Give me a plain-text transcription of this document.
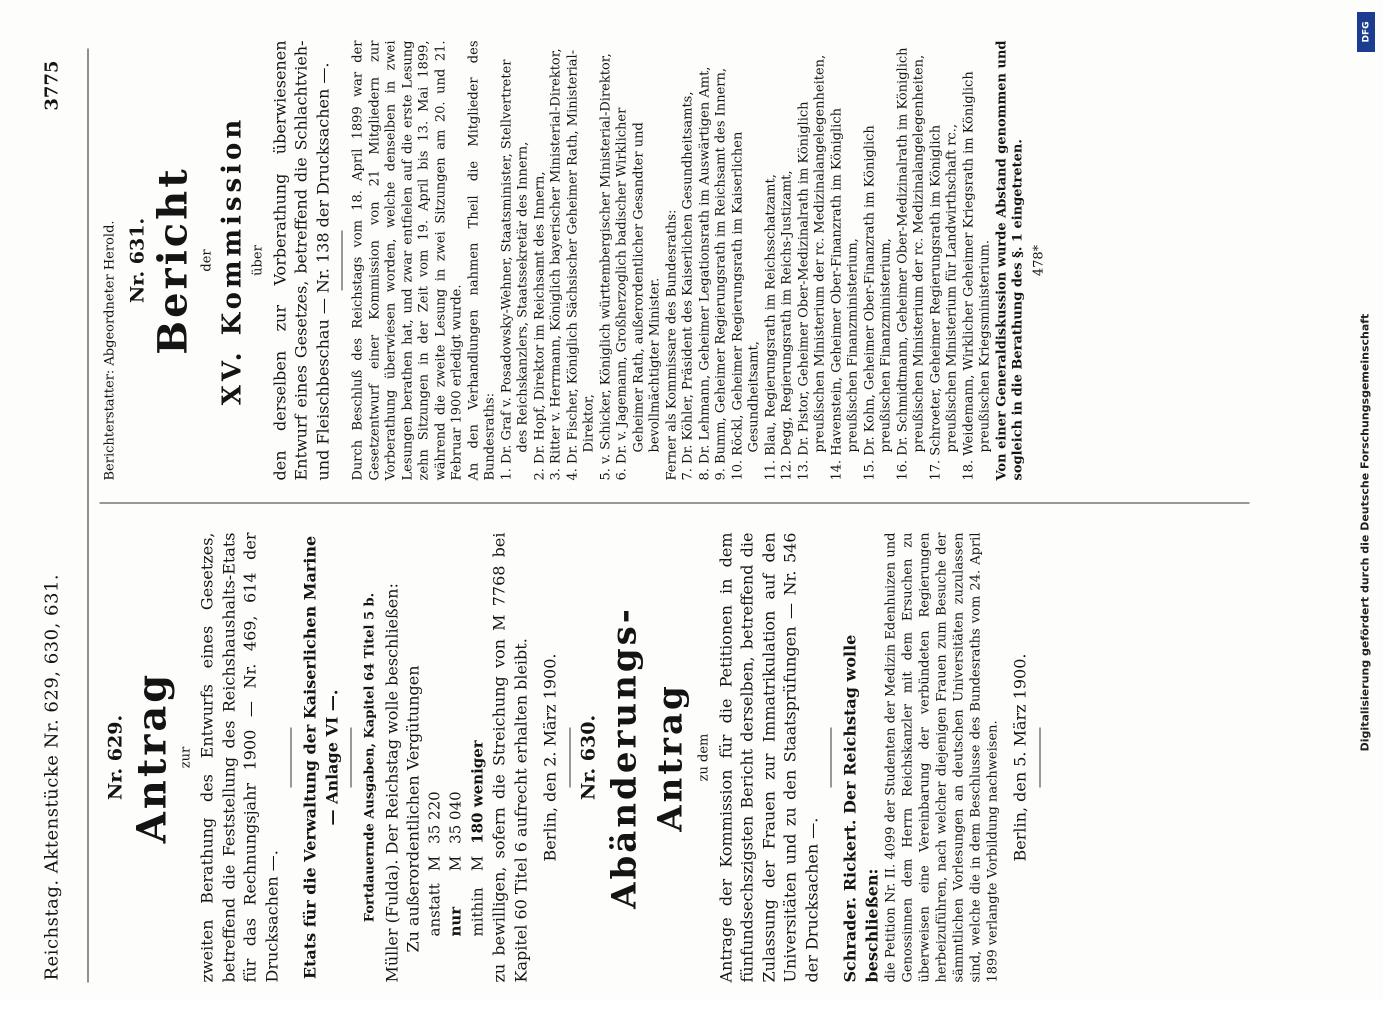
Reichstag. Aktenstücke Nr. 629, 630, 631.
3775
Nr. 629. Antrag zur zweiten Berathung des Entwurfs eines Gesetzes, betreffend die Feststellung des Reichshaushalts-Etats für das Rechnungsjahr 1900 — Nr. 469, 614 der Drucksachen —. Etats für die Verwaltung der Kaiserlichen Marine — Anlage VI —. Fortdauernde Ausgaben, Kapitel 64 Titel 5 b. Müller (Fulda). Der Reichstag wolle beschließen: Zu außerordentlichen Vergütungen anstatt	M	35 220
nur	M	35 040
mithin	M	180 weniger zu bewilligen, sofern die Streichung von M 7768 bei Kapitel 60 Titel 6 aufrecht erhalten bleibt. Berlin, den 2. März 1900. Nr. 630. Abänderungs-Antrag zu dem Antrage der Kommission für die Petitionen in dem fünfundsechszigsten Bericht derselben, betreffend die Zulassung der Frauen zur Immatrikulation auf den Universitäten und zu den Staatsprüfungen — Nr. 546 der Drucksachen —. Schrader. Rickert. Der Reichstag wolle beschließen: die Petition Nr. II. 4099 der Studenten der Medizin Edenhuizen und Genossinnen dem Herrn Reichskanzler mit dem Ersuchen zu überweisen eine Vereinbarung der verbündeten Regierungen herbeizuführen, nach welcher diejenigen Frauen zum Besuche der sämmtlichen Vorlesungen an deutschen Universitäten zuzulassen sind, welche die in dem Beschlusse des Bundesraths vom 24. April 1899 verlangte Vorbildung nachweisen. Berlin, den 5. März 1900.

Berichterstatter: Abgeordneter Herold. Nr. 631. Bericht der XV. Kommission über den derselben zur Vorberathung überwiesenen Entwurf eines Gesetzes, betreffend die Schlachtvieh- und Fleischbeschau — Nr. 138 der Drucksachen —. Durch Beschluß des Reichstags vom 18. April 1899 war der Gesetzentwurf einer Kommission von 21 Mitgliedern zur Vorberathung überwiesen worden, welche denselben in zwei Lesungen berathen hat, und zwar entfielen auf die erste Lesung zehn Sitzungen in der Zeit vom 19. April bis 13. Mai 1899, während die zweite Lesung in zwei Sitzungen am 20. und 21. Februar 1900 erledigt wurde. An den Verhandlungen nahmen Theil die Mitglieder des Bundesraths: 1. Dr. Graf v. Posadowsky-Wehner, Staatsminister, Stellvertreter des Reichskanzlers, Staatssekretär des Innern, 2. Dr. Hopf, Direktor im Reichsamt des Innern, 3. Ritter v. Herrmann, Königlich bayerischer Ministerial-Direktor, 4. Dr. Fischer, Königlich Sächsischer Geheimer Rath, Ministerial-Direktor, 5. v. Schicker, Königlich württembergischer Ministerial-Direktor, 6. Dr. v. Jagemann, Großherzoglich badischer Wirklicher Geheimer Rath, außerordentlicher Gesandter und bevollmächtigter Minister. Ferner als Kommissare des Bundesraths: 7. Dr. Köhler, Präsident des Kaiserlichen Gesundheitsamts, 8. Dr. Lehmann, Geheimer Legationsrath im Auswärtigen Amt, 9. Bumm, Geheimer Regierungsrath im Reichsamt des Innern, 10. Röckl, Geheimer Regierungsrath im Kaiserlichen Gesundheitsamt, 11. Blau, Regierungsrath im Reichsschatzamt, 12. Degg, Regierungsrath im Reichs-Justizamt, 13. Dr. Pistor, Geheimer Ober-Medizinalrath im Königlich preußischen Ministerium der rc. Medizinalangelegenheiten, 14. Havenstein, Geheimer Ober-Finanzrath im Königlich preußischen Finanzministerium, 15. Dr. Kohn, Geheimer Ober-Finanzrath im Königlich preußischen Finanzministerium, 16. Dr. Schmidtmann, Geheimer Ober-Medizinalrath im Königlich preußischen Ministerium der rc. Medizinalangelegenheiten, 17. Schroeter, Geheimer Regierungsrath im Königlich preußischen Ministerium für Landwirthschaft rc., 18. Weidemann, Wirklicher Geheimer Kriegsrath im Königlich preußischen Kriegsministerium. Von einer Generaldiskussion wurde Abstand genommen und sogleich in die Berathung des §. 1 eingetreten. 478*

DFG
Digitalisierung gefördert durch die Deutsche Forschungsgemeinschaft
